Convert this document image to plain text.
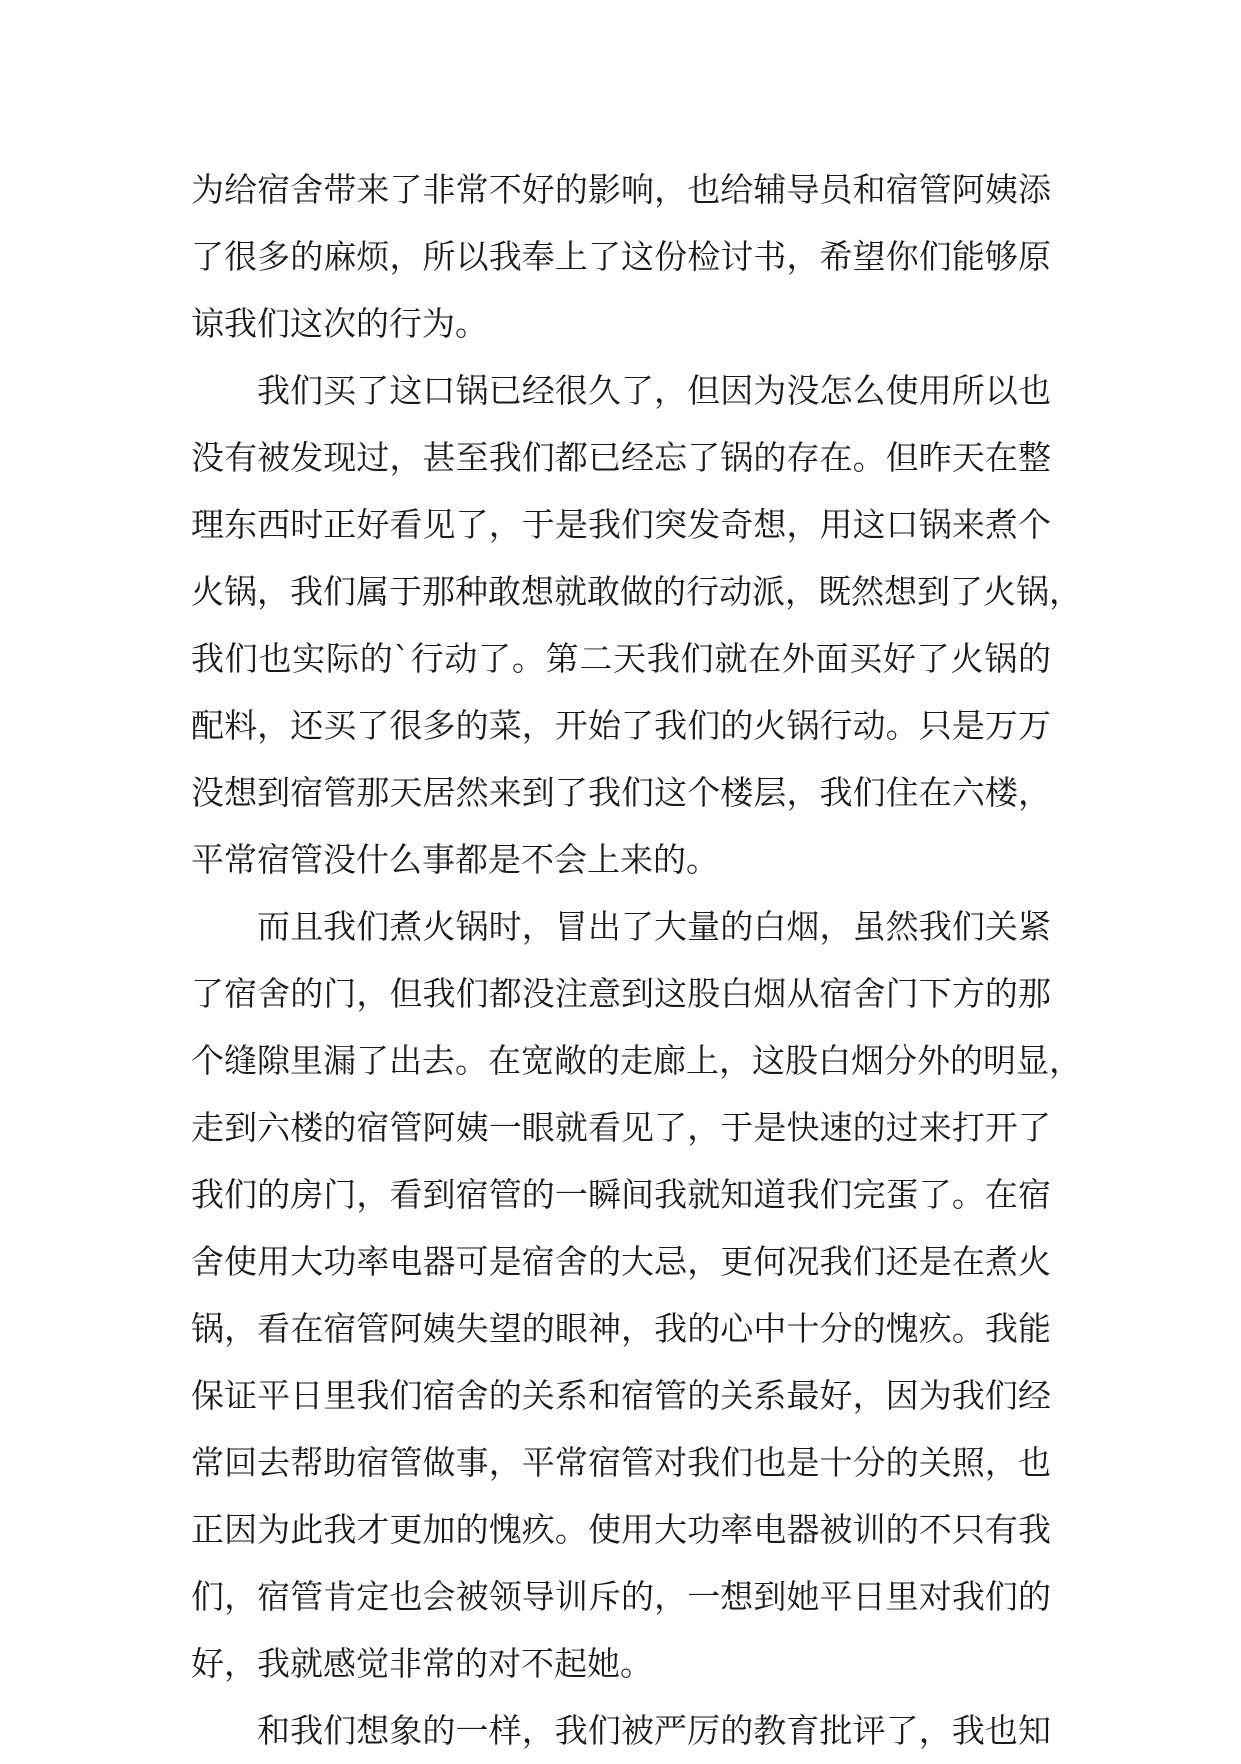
为给宿舍带来了非常不好的影响，也给辅导员和宿管阿姨添
了很多的麻烦，所以我奉上了这份检讨书，希望你们能够原
谅我们这次的行为。
我们买了这口锅已经很久了，但因为没怎么使用所以也
没有被发现过，甚至我们都已经忘了锅的存在。但昨天在整
理东西时正好看见了，于是我们突发奇想，用这口锅来煮个
火锅，我们属于那种敢想就敢做的行动派，既然想到了火锅，
我们也实际的`行动了。第二天我们就在外面买好了火锅的
配料，还买了很多的菜，开始了我们的火锅行动。只是万万
没想到宿管那天居然来到了我们这个楼层，我们住在六楼，
平常宿管没什么事都是不会上来的。
而且我们煮火锅时，冒出了大量的白烟，虽然我们关紧
了宿舍的门，但我们都没注意到这股白烟从宿舍门下方的那
个缝隙里漏了出去。在宽敞的走廊上，这股白烟分外的明显，
走到六楼的宿管阿姨一眼就看见了，于是快速的过来打开了
我们的房门，看到宿管的一瞬间我就知道我们完蛋了。在宿
舍使用大功率电器可是宿舍的大忌，更何况我们还是在煮火
锅，看在宿管阿姨失望的眼神，我的心中十分的愧疚。我能
保证平日里我们宿舍的关系和宿管的关系最好，因为我们经
常回去帮助宿管做事，平常宿管对我们也是十分的关照，也
正因为此我才更加的愧疚。使用大功率电器被训的不只有我
们，宿管肯定也会被领导训斥的，一想到她平日里对我们的
好，我就感觉非常的对不起她。
和我们想象的一样，我们被严厉的教育批评了，我也知
